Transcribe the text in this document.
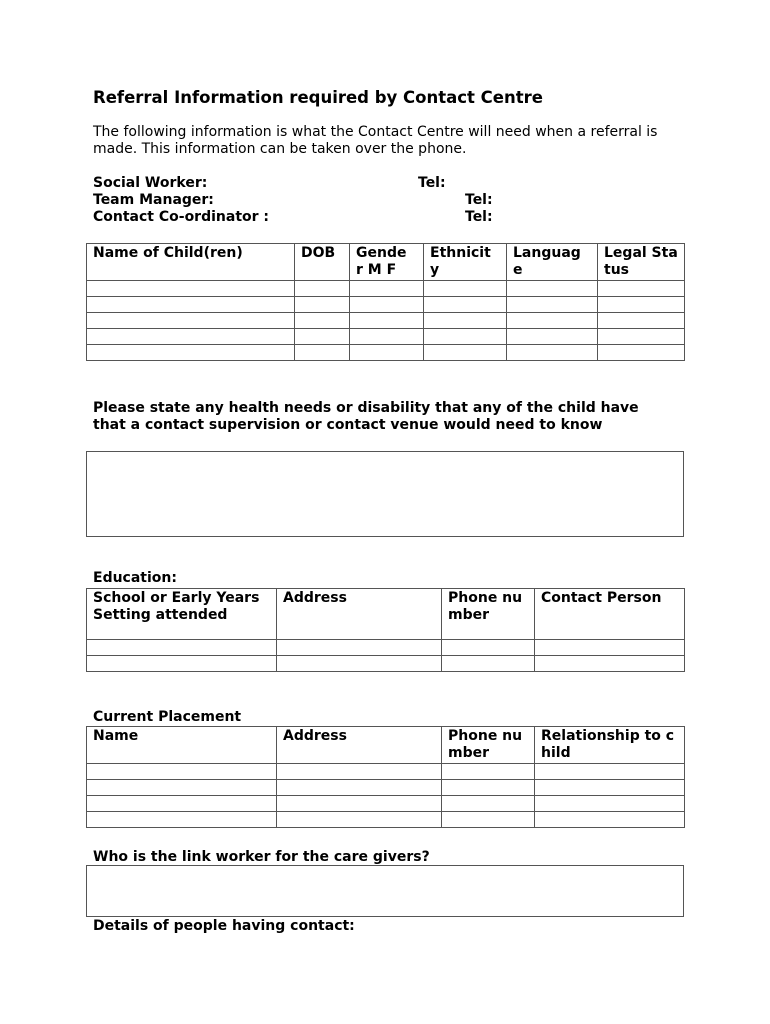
Referral Information required by Contact Centre
The following information is what the Contact Centre will need when a referral is made. This information can be taken over the phone.
Social Worker:	Tel:
Team Manager:	Tel:
Contact Co-ordinator :	Tel:
Name of Child(ren)	DOB	Gende r M F	Ethnicit y	Languag e	Legal Status

Please state any health needs or disability that any of the child have that a contact supervision or contact venue would need to know
Education:
School or Early Years Setting attended	Address	Phone number	Contact Person

Current Placement
Name	Address	Phone number	Relationship to child

Who is the link worker for the care givers?
Details of people having contact:
